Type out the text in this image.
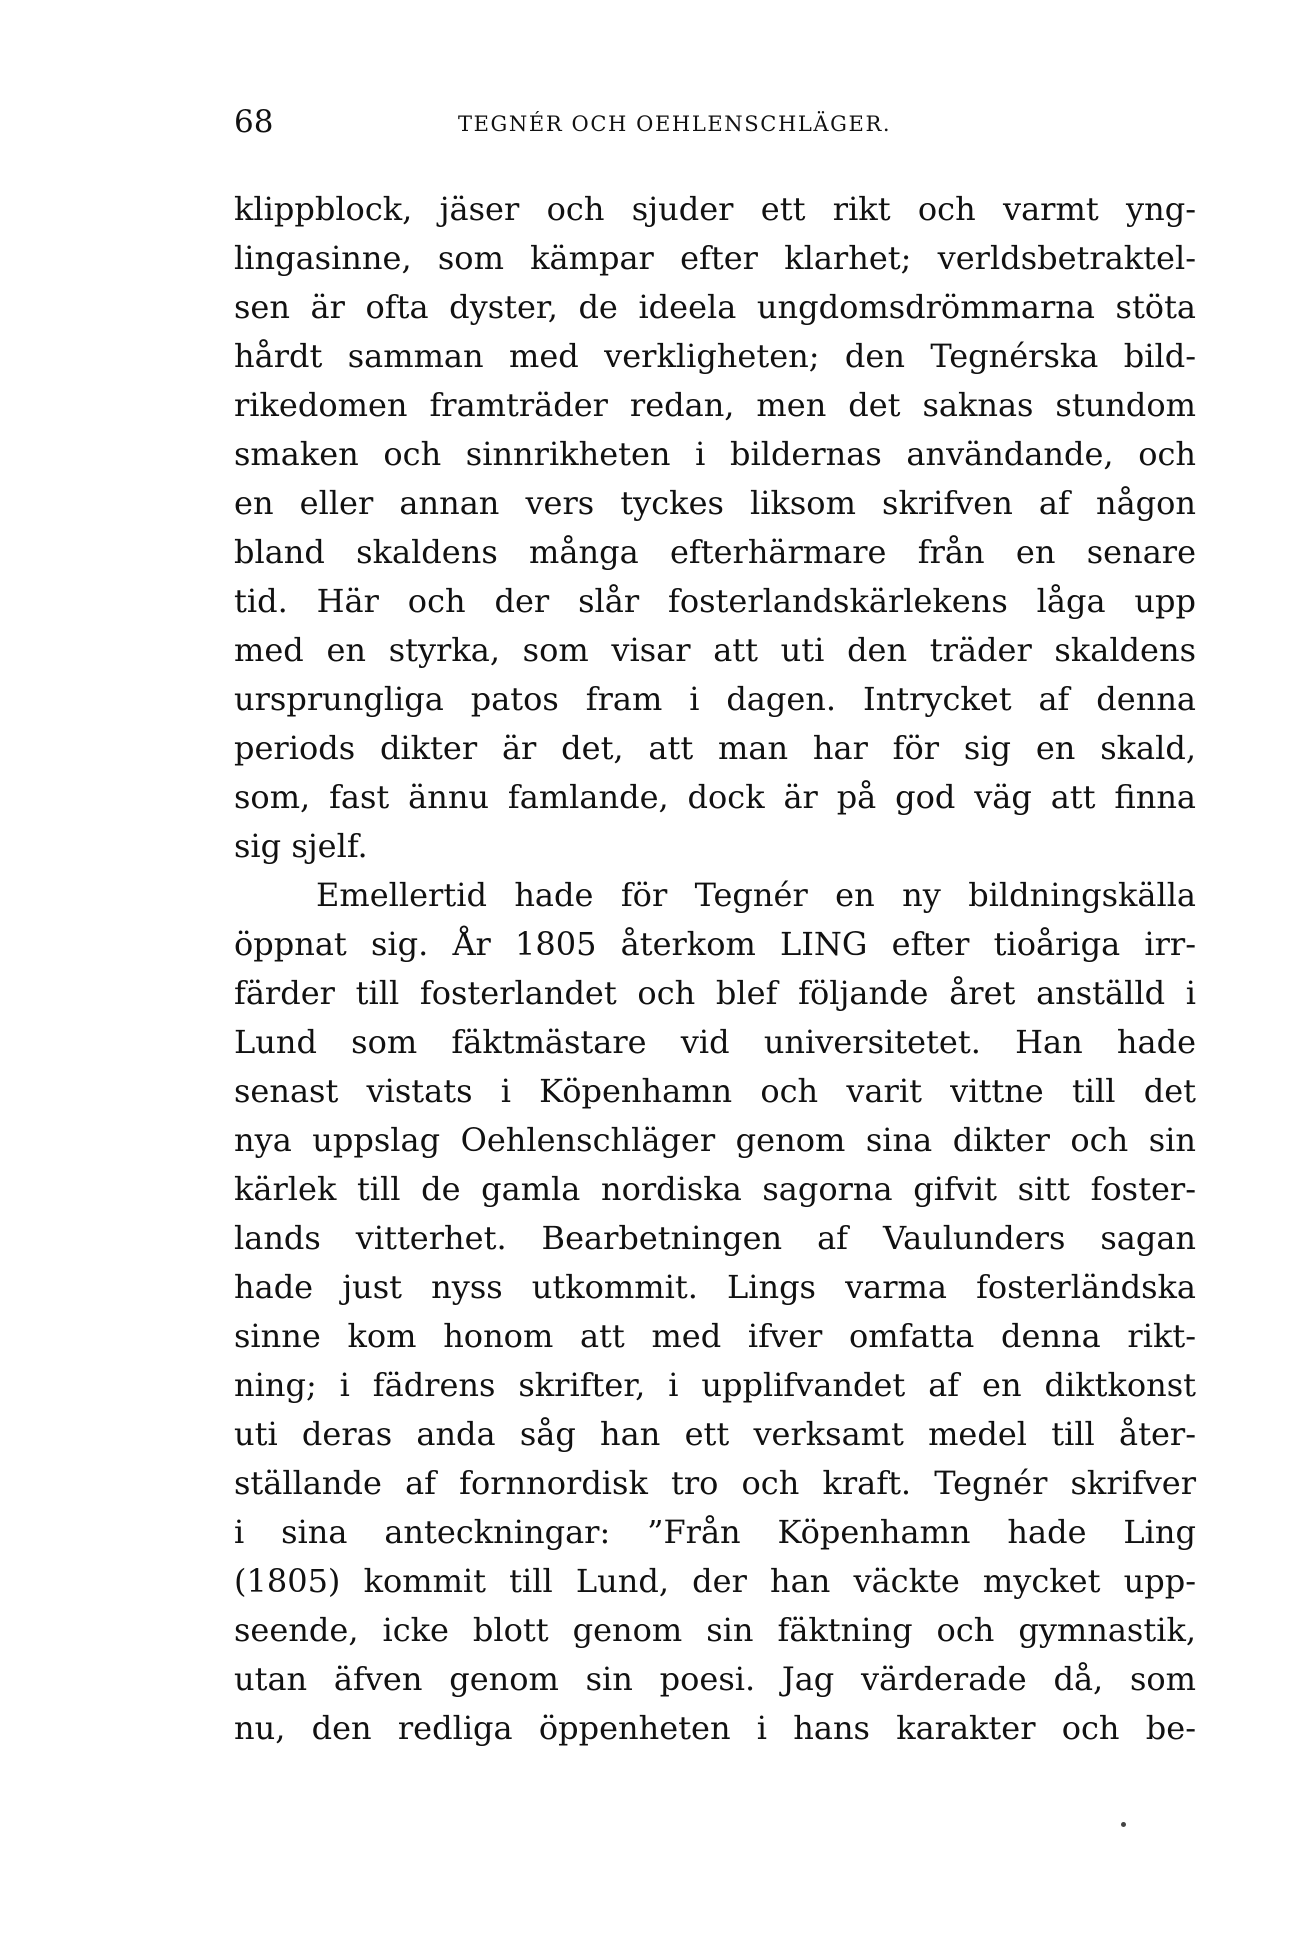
68	TEGNÉR OCH OEHLENSCHLÄGER.
klippblock, jäser och sjuder ett rikt och varmt yng-
lingasinne, som kämpar efter klarhet; verldsbetraktel-
sen är ofta dyster, de ideela ungdomsdrömmarna stöta
hårdt samman med verkligheten; den Tegnérska bild-
rikedomen framträder redan, men det saknas stundom
smaken och sinnrikheten i bildernas användande, och
en eller annan vers tyckes liksom skrifven af någon
bland skaldens många efterhärmare från en senare
tid. Här och der slår fosterlandskärlekens låga upp
med en styrka, som visar att uti den träder skaldens
ursprungliga patos fram i dagen. Intrycket af denna
periods dikter är det, att man har för sig en skald,
som, fast ännu famlande, dock är på god väg att finna
sig sjelf.
Emellertid hade för Tegnér en ny bildningskälla
öppnat sig. År 1805 återkom LING efter tioåriga irr-
färder till fosterlandet och blef följande året anställd i
Lund som fäktmästare vid universitetet. Han hade
senast vistats i Köpenhamn och varit vittne till det
nya uppslag Oehlenschläger genom sina dikter och sin
kärlek till de gamla nordiska sagorna gifvit sitt foster-
lands vitterhet. Bearbetningen af Vaulunders sagan
hade just nyss utkommit. Lings varma fosterländska
sinne kom honom att med ifver omfatta denna rikt-
ning; i fädrens skrifter, i upplifvandet af en diktkonst
uti deras anda såg han ett verksamt medel till åter-
ställande af fornnordisk tro och kraft. Tegnér skrifver
i sina anteckningar: ”Från Köpenhamn hade Ling
(1805) kommit till Lund, der han väckte mycket upp-
seende, icke blott genom sin fäktning och gymnastik,
utan äfven genom sin poesi. Jag värderade då, som
nu, den redliga öppenheten i hans karakter och be-
